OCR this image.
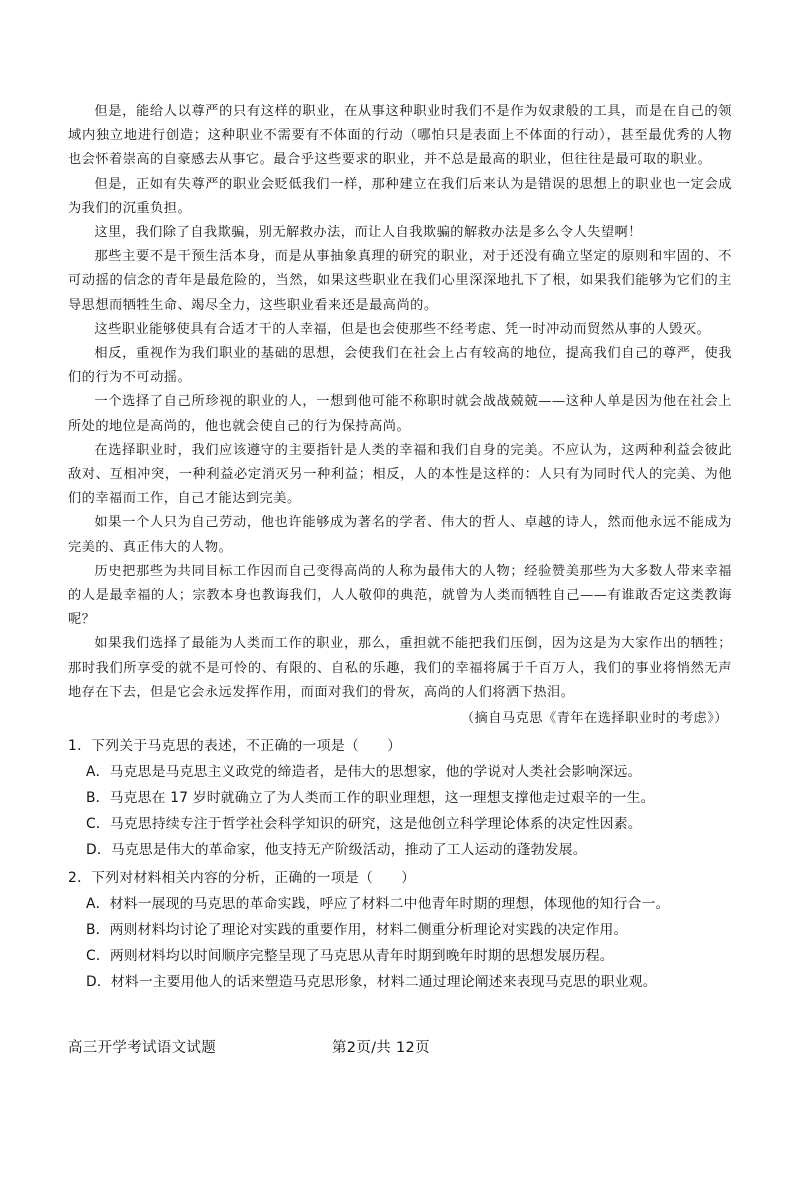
但是，能给人以尊严的只有这样的职业，在从事这种职业时我们不是作为奴隶般的工具，而是在自己的领域内独立地进行创造；这种职业不需要有不体面的行动（哪怕只是表面上不体面的行动），甚至最优秀的人物也会怀着崇高的自豪感去从事它。最合乎这些要求的职业，并不总是最高的职业，但往往是最可取的职业。

但是，正如有失尊严的职业会贬低我们一样，那种建立在我们后来认为是错误的思想上的职业也一定会成为我们的沉重负担。

这里，我们除了自我欺骗，别无解救办法，而让人自我欺骗的解救办法是多么令人失望啊！

那些主要不是干预生活本身，而是从事抽象真理的研究的职业，对于还没有确立坚定的原则和牢固的、不可动摇的信念的青年是最危险的，当然，如果这些职业在我们心里深深地扎下了根，如果我们能够为它们的主导思想而牺牲生命、竭尽全力，这些职业看来还是最高尚的。

这些职业能够使具有合适才干的人幸福，但是也会使那些不经考虑、凭一时冲动而贸然从事的人毁灭。

相反，重视作为我们职业的基础的思想，会使我们在社会上占有较高的地位，提高我们自己的尊严，使我们的行为不可动摇。

一个选择了自己所珍视的职业的人，一想到他可能不称职时就会战战兢兢——这种人单是因为他在社会上所处的地位是高尚的，他也就会使自己的行为保持高尚。

在选择职业时，我们应该遵守的主要指针是人类的幸福和我们自身的完美。不应认为，这两种利益会彼此敌对、互相冲突，一种利益必定消灭另一种利益；相反，人的本性是这样的：人只有为同时代人的完美、为他们的幸福而工作，自己才能达到完美。

如果一个人只为自己劳动，他也许能够成为著名的学者、伟大的哲人、卓越的诗人，然而他永远不能成为完美的、真正伟大的人物。

历史把那些为共同目标工作因而自己变得高尚的人称为最伟大的人物；经验赞美那些为大多数人带来幸福的人是最幸福的人；宗教本身也教诲我们，人人敬仰的典范，就曾为人类而牺牲自己——有谁敢否定这类教诲呢？

如果我们选择了最能为人类而工作的职业，那么，重担就不能把我们压倒，因为这是为大家作出的牺牲；那时我们所享受的就不是可怜的、有限的、自私的乐趣，我们的幸福将属于千百万人，我们的事业将悄然无声地存在下去，但是它会永远发挥作用，而面对我们的骨灰，高尚的人们将洒下热泪。

（摘自马克思《青年在选择职业时的考虑》）

1．下列关于马克思的表述，不正确的一项是（　　）
A．马克思是马克思主义政党的缔造者，是伟大的思想家，他的学说对人类社会影响深远。
B．马克思在 17 岁时就确立了为人类而工作的职业理想，这一理想支撑他走过艰辛的一生。
C．马克思持续专注于哲学社会科学知识的研究，这是他创立科学理论体系的决定性因素。
D．马克思是伟大的革命家，他支持无产阶级活动，推动了工人运动的蓬勃发展。
2．下列对材料相关内容的分析，正确的一项是（　　）
A．材料一展现的马克思的革命实践，呼应了材料二中他青年时期的理想，体现他的知行合一。
B．两则材料均讨论了理论对实践的重要作用，材料二侧重分析理论对实践的决定作用。
C．两则材料均以时间顺序完整呈现了马克思从青年时期到晚年时期的思想发展历程。
D．材料一主要用他人的话来塑造马克思形象，材料二通过理论阐述来表现马克思的职业观。
高三开学考试语文试题	第2页/共 12页
